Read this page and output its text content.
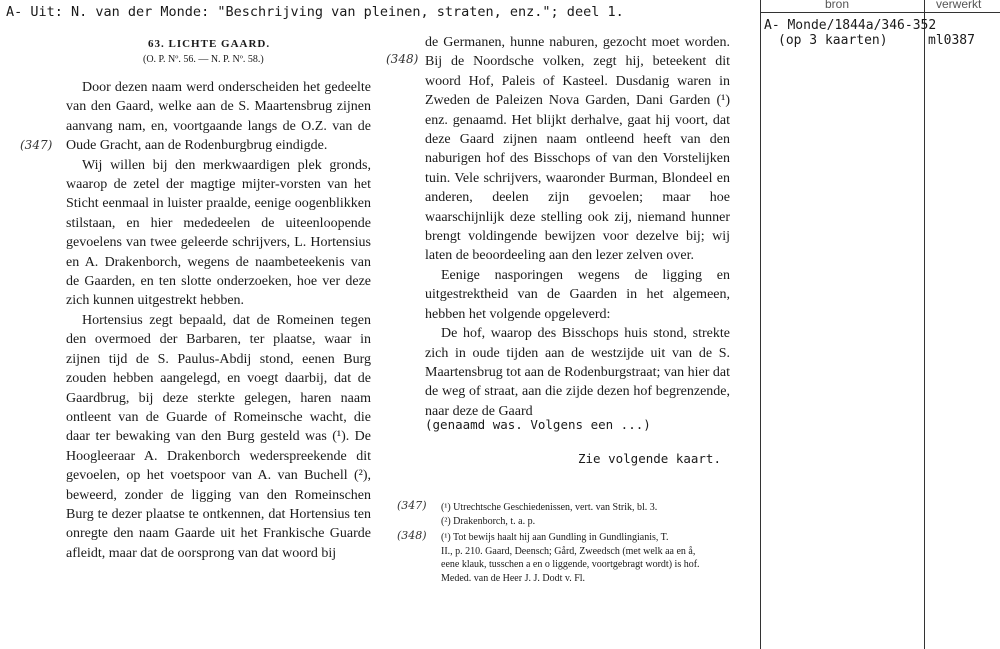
A- Uit: N. van der Monde: "Beschrijving van pleinen, straten, enz."; deel 1.	bron	verwerkt
A- Monde/1844a/346-352
(op 3 kaarten)	ml0387
63. LICHTE GAARD.
(O. P. Nº. 56. — N. P. Nº. 58.)
(347)
(348)

Door dezen naam werd onderscheiden het gedeelte van den Gaard, welke aan de S. Maartensbrug zijnen aanvang nam, en, voortgaande langs de O.Z. van de Oude Gracht, aan de Rodenburgbrug eindigde.

Wij willen bij den merkwaardigen plek gronds, waarop de zetel der magtige mijter-vorsten van het Sticht eenmaal in luister praalde, eenige oogenblikken stilstaan, en hier mededeelen de uiteenloopende gevoelens van twee geleerde schrijvers, L. Hortensius en A. Drakenborch, wegens de naambeteekenis van de Gaarden, en ten slotte onderzoeken, hoe ver deze zich kunnen uitgestrekt hebben.

Hortensius zegt bepaald, dat de Romeinen tegen den overmoed der Barbaren, ter plaatse, waar in zijnen tijd de S. Paulus-Abdij stond, eenen Burg zouden hebben aangelegd, en voegt daarbij, dat de Gaardbrug, bij deze sterkte gelegen, haren naam ontleent van de Guarde of Romeinsche wacht, die daar ter bewaking van den Burg gesteld was (¹). De Hoogleeraar A. Drakenborch wederspreekende dit gevoelen, op het voetspoor van A. van Buchell (²), beweerd, zonder de ligging van den Romeinschen Burg te dezer plaatse te ontkennen, dat Hortensius ten onregte den naam Gaarde uit het Frankische Guarde afleidt, maar dat de oorsprong van dat woord bij

de Germanen, hunne naburen, gezocht moet worden. Bij de Noordsche volken, zegt hij, beteekent dit woord Hof, Paleis of Kasteel. Dusdanig waren in Zweden de Paleizen Nova Garden, Dani Garden (¹) enz. genaamd. Het blijkt derhalve, gaat hij voort, dat deze Gaard zijnen naam ontleend heeft van den naburigen hof des Bisschops of van den Vorstelijken tuin. Vele schrijvers, waaronder Burman, Blondeel en anderen, deelen zijn gevoelen; maar hoe waarschijnlijk deze stelling ook zij, niemand hunner brengt voldingende bewijzen voor dezelve bij; wij laten de beoordeeling aan den lezer zelven over.

Eenige nasporingen wegens de ligging en uitgestrektheid van de Gaarden in het algemeen, hebben het volgende opgeleverd:

De hof, waarop des Bisschops huis stond, strekte zich in oude tijden aan de westzijde uit van de S. Maartensbrug tot aan de Rodenburgstraat; van hier dat de weg of straat, aan die zijde dezen hof begrenzende, naar deze de Gaard

(genaamd was. Volgens een ...)
Zie volgende kaart.
(347)
(348)
(¹) Utrechtsche Geschiedenissen, vert. van Strik, bl. 3.
(²) Drakenborch, t. a. p.
(¹) Tot bewijs haalt hij aan Gundling in Gundlingianis, T.
II., p. 210. Gaard, Deensch; Gård, Zweedsch (met welk aa en å,
eene klauk, tusschen a en o liggende, voortgebragt wordt) is hof.
Meded. van de Heer J. J. Dodt v. Fl.
